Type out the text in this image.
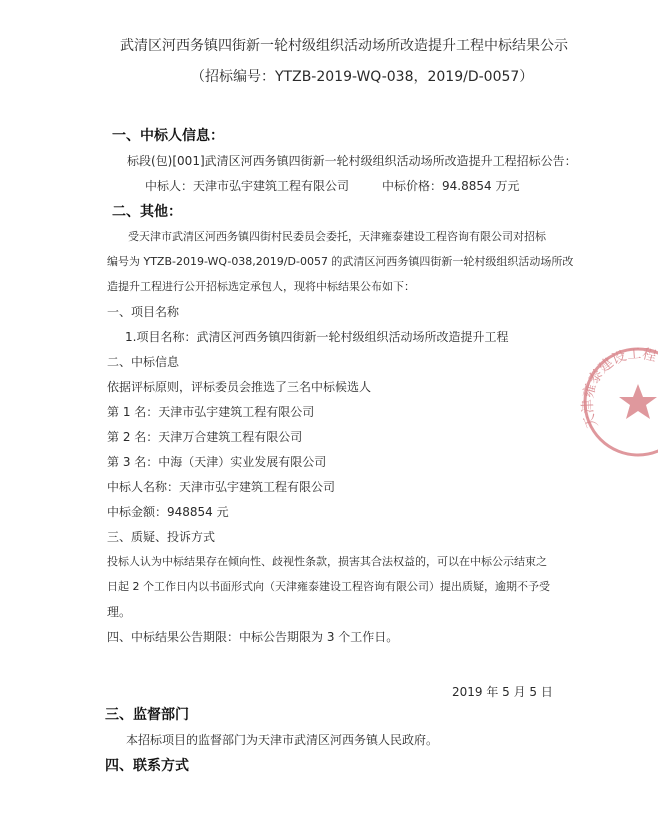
武清区河西务镇四街新一轮村级组织活动场所改造提升工程中标结果公示
（招标编号：YTZB-2019-WQ-038，2019/D-0057）
一、中标人信息：
标段(包)[001]武清区河西务镇四街新一轮村级组织活动场所改造提升工程招标公告：
中标人：天津市弘宇建筑工程有限公司	中标价格：94.8854 万元
二、其他：
受天津市武清区河西务镇四街村民委员会委托，天津雍泰建设工程咨询有限公司对招标
编号为 YTZB-2019-WQ-038,2019/D-0057 的武清区河西务镇四街新一轮村级组织活动场所改
造提升工程进行公开招标选定承包人，现将中标结果公布如下：
一、项目名称
1.项目名称：武清区河西务镇四街新一轮村级组织活动场所改造提升工程
二、中标信息
依据评标原则，评标委员会推选了三名中标候选人
第 1 名：天津市弘宇建筑工程有限公司
第 2 名：天津万合建筑工程有限公司
第 3 名：中海（天津）实业发展有限公司
中标人名称：天津市弘宇建筑工程有限公司
中标金额：948854 元
三、质疑、投诉方式
投标人认为中标结果存在倾向性、歧视性条款，损害其合法权益的，可以在中标公示结束之
日起 2 个工作日内以书面形式向（天津雍泰建设工程咨询有限公司）提出质疑，逾期不予受
理。
四、中标结果公告期限：中标公告期限为 3 个工作日。
2019 年 5 月 5 日
三、监督部门
本招标项目的监督部门为天津市武清区河西务镇人民政府。
四、联系方式
天津雍泰建设工程
